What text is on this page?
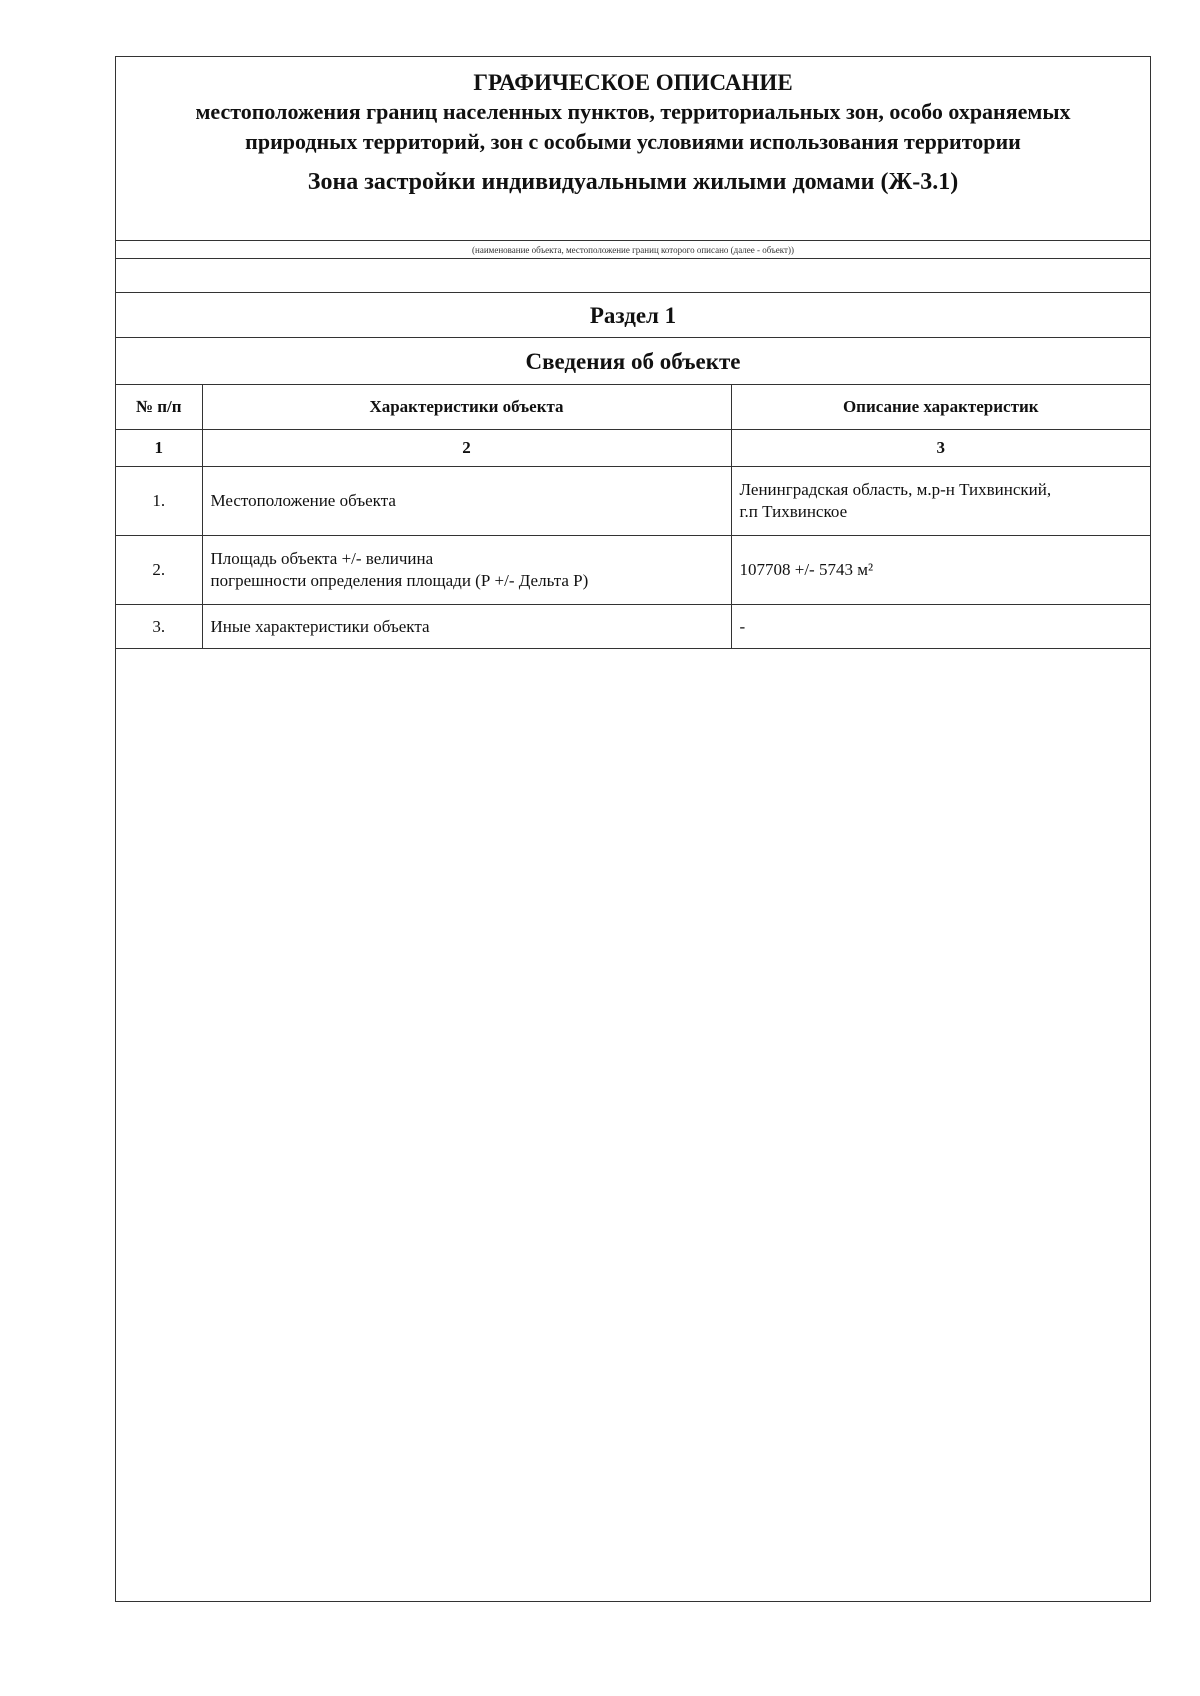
ГРАФИЧЕСКОЕ ОПИСАНИЕ
местоположения границ населенных пунктов, территориальных зон, особо охраняемых природных территорий, зон с особыми условиями использования территории
Зона застройки индивидуальными жилыми домами (Ж-3.1)
(наименование объекта, местоположение границ которого описано (далее - объект))
Раздел 1
Сведения об объекте
№ п/п	Характеристики объекта	Описание характеристик
1	2	3
1.	Местоположение объекта	Ленинградская область, м.р-н Тихвинский,
г.п Тихвинское
2.	Площадь объекта +/- величина
погрешности определения площади (Р +/- Дельта Р)	107708 +/- 5743 м²
3.	Иные характеристики объекта	-
